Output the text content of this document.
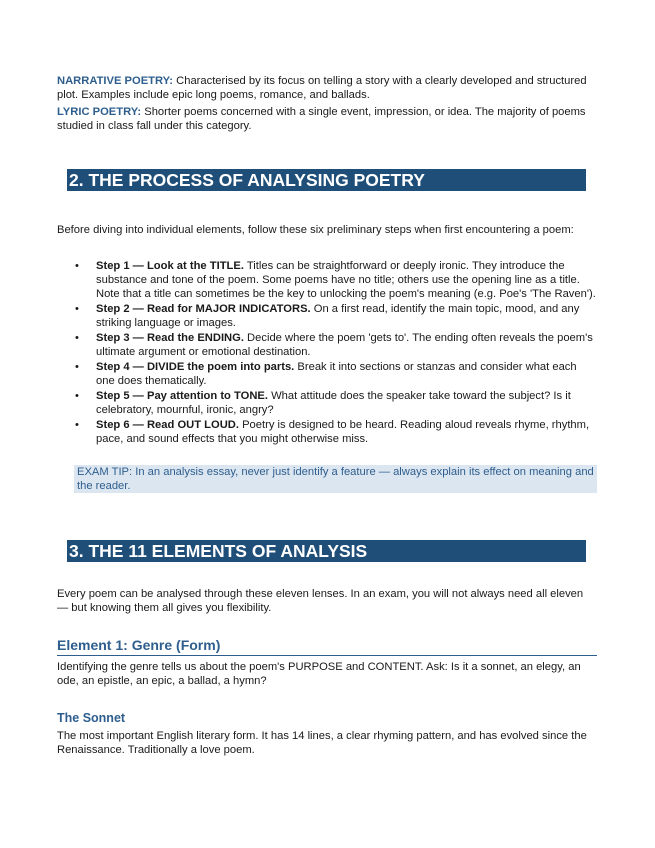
NARRATIVE POETRY: Characterised by its focus on telling a story with a clearly developed and structured plot. Examples include epic long poems, romance, and ballads.

LYRIC POETRY: Shorter poems concerned with a single event, impression, or idea. The majority of poems studied in class fall under this category.

2. THE PROCESS OF ANALYSING POETRY

Before diving into individual elements, follow these six preliminary steps when first encountering a poem:

• Step 1 — Look at the TITLE. Titles can be straightforward or deeply ironic. They introduce the substance and tone of the poem. Some poems have no title; others use the opening line as a title. Note that a title can sometimes be the key to unlocking the poem's meaning (e.g. Poe's 'The Raven').
• Step 2 — Read for MAJOR INDICATORS. On a first read, identify the main topic, mood, and any striking language or images.
• Step 3 — Read the ENDING. Decide where the poem 'gets to'. The ending often reveals the poem's ultimate argument or emotional destination.
• Step 4 — DIVIDE the poem into parts. Break it into sections or stanzas and consider what each one does thematically.
• Step 5 — Pay attention to TONE. What attitude does the speaker take toward the subject? Is it celebratory, mournful, ironic, angry?
• Step 6 — Read OUT LOUD. Poetry is designed to be heard. Reading aloud reveals rhyme, rhythm, pace, and sound effects that you might otherwise miss.
EXAM TIP: In an analysis essay, never just identify a feature — always explain its effect on meaning and the reader.
3. THE 11 ELEMENTS OF ANALYSIS

Every poem can be analysed through these eleven lenses. In an exam, you will not always need all eleven — but knowing them all gives you flexibility.

Element 1: Genre (Form)

Identifying the genre tells us about the poem's PURPOSE and CONTENT. Ask: Is it a sonnet, an elegy, an ode, an epistle, an epic, a ballad, a hymn?

The Sonnet

The most important English literary form. It has 14 lines, a clear rhyming pattern, and has evolved since the Renaissance. Traditionally a love poem.
